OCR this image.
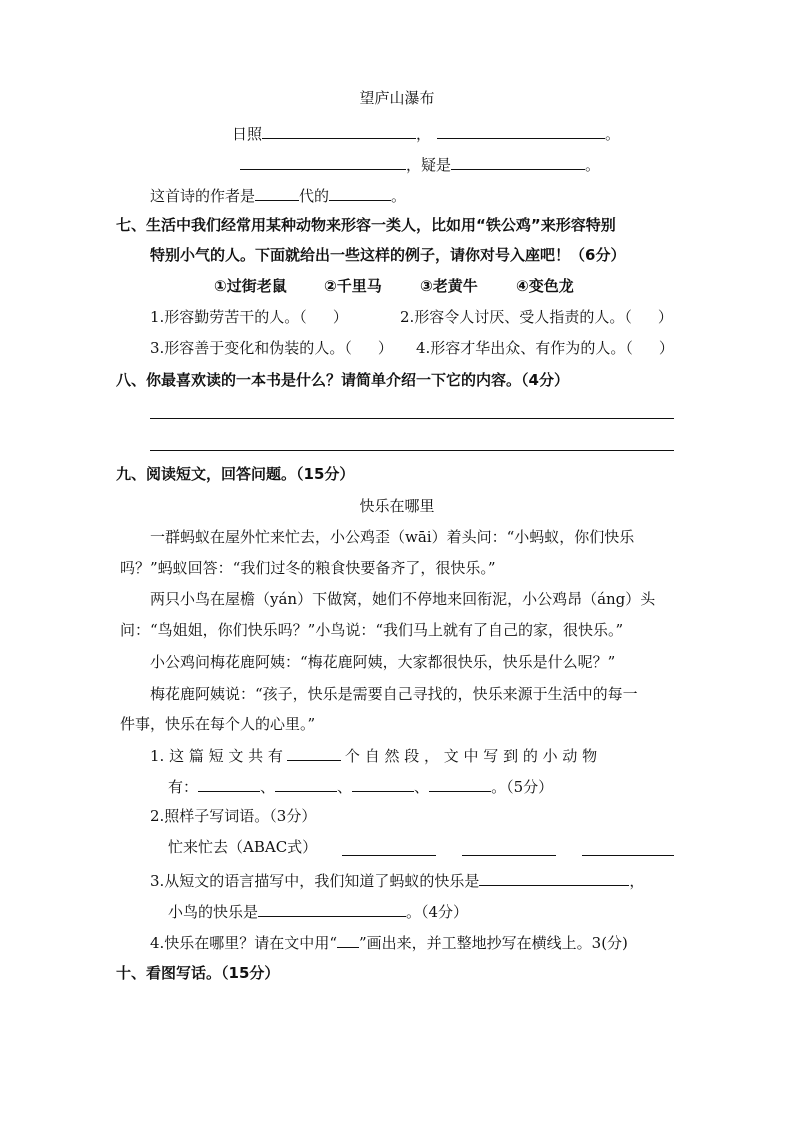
望庐山瀑布
日照	，	。
，疑是	。
这首诗的作者是	代的	。
七、生活中我们经常用某种动物来形容一类人，比如用“铁公鸡”来形容特别
特别小气的人。下面就给出一些这样的例子，请你对号入座吧！（6分）
①过街老鼠 ②千里马	③老黄牛	④变色龙
1.形容勤劳苦干的人。（ ）	2.形容令人讨厌、受人指责的人。（ ）
3.形容善于变化和伪装的人。（ ） 4.形容才华出众、有作为的人。（ ）
八、你最喜欢读的一本书是什么？请简单介绍一下它的内容。（4分）
九、阅读短文，回答问题。（15分）
快乐在哪里
一群蚂蚁在屋外忙来忙去，小公鸡歪（wāi）着头问：“小蚂蚁，你们快乐
吗？”蚂蚁回答：“我们过冬的粮食快要备齐了，很快乐。”
两只小鸟在屋檐（yán）下做窝，她们不停地来回衔泥，小公鸡昂（áng）头
问：“鸟姐姐，你们快乐吗？”小鸟说：“我们马上就有了自己的家，很快乐。”
小公鸡问梅花鹿阿姨：“梅花鹿阿姨，大家都很快乐，快乐是什么呢？”
梅花鹿阿姨说：“孩子，快乐是需要自己寻找的，快乐来源于生活中的每一
件事，快乐在每个人的心里。”
1. 这 篇 短 文 共 有	个 自 然 段 ， 文 中 写 到 的 小 动 物
有：	、	、	、	。（5分）
2.照样子写词语。（3分）
忙来忙去（ABAC式）
3.从短文的语言描写中，我们知道了蚂蚁的快乐是	，
小鸟的快乐是	。（4分）
4.快乐在哪里？请在文中用“ ”画出来，并工整地抄写在横线上。3(分)
十、看图写话。（15分）
